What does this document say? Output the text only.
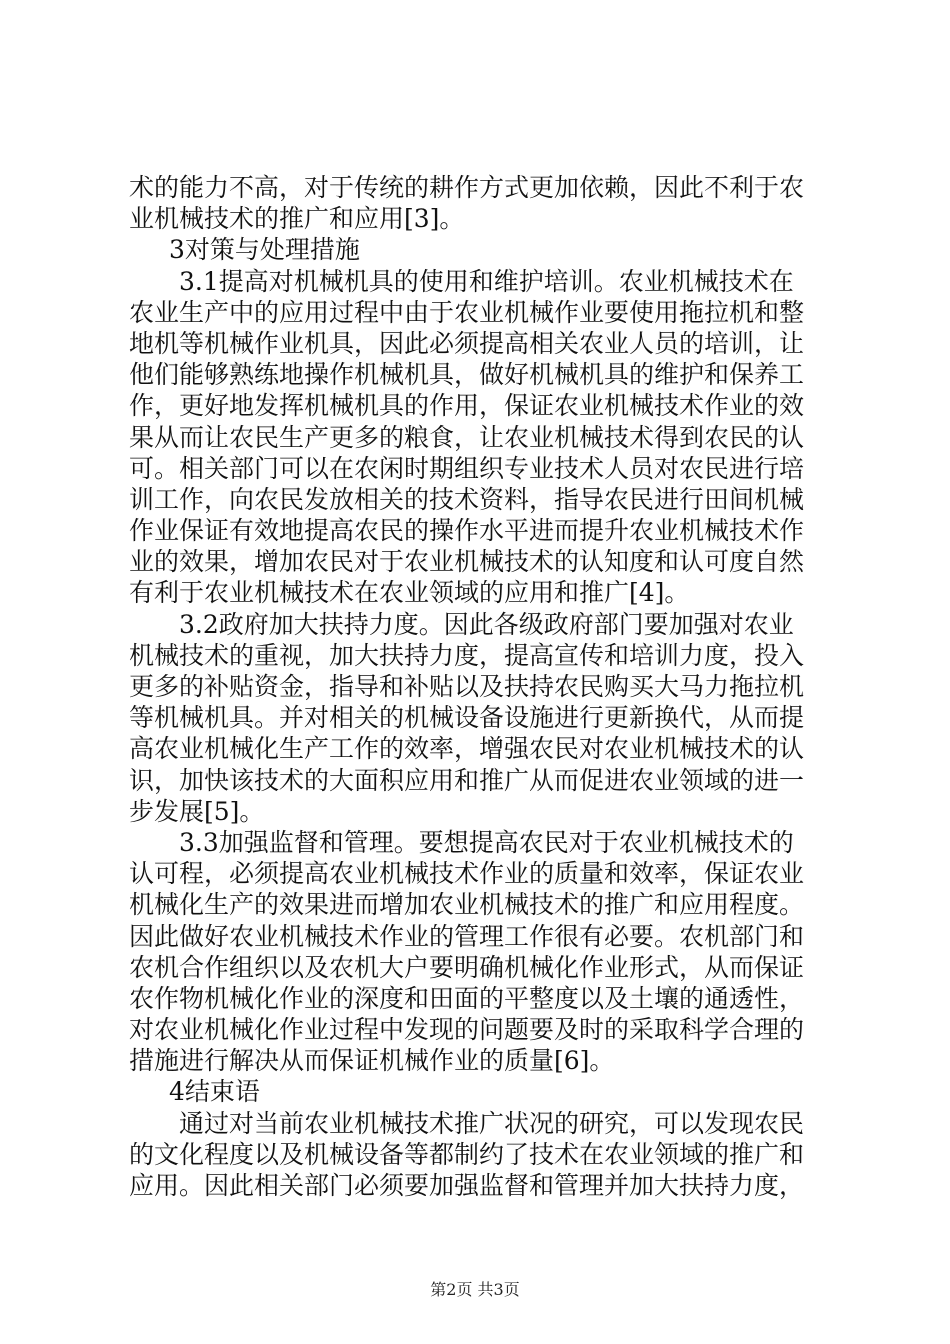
术的能力不高，对于传统的耕作方式更加依赖，因此不利于农
业机械技术的推广和应用[3]。
3对策与处理措施
3.1提高对机械机具的使用和维护培训。农业机械技术在
农业生产中的应用过程中由于农业机械作业要使用拖拉机和整
地机等机械作业机具，因此必须提高相关农业人员的培训，让
他们能够熟练地操作机械机具，做好机械机具的维护和保养工
作，更好地发挥机械机具的作用，保证农业机械技术作业的效
果从而让农民生产更多的粮食，让农业机械技术得到农民的认
可。相关部门可以在农闲时期组织专业技术人员对农民进行培
训工作，向农民发放相关的技术资料，指导农民进行田间机械
作业保证有效地提高农民的操作水平进而提升农业机械技术作
业的效果，增加农民对于农业机械技术的认知度和认可度自然
有利于农业机械技术在农业领域的应用和推广[4]。
3.2政府加大扶持力度。因此各级政府部门要加强对农业
机械技术的重视，加大扶持力度，提高宣传和培训力度，投入
更多的补贴资金，指导和补贴以及扶持农民购买大马力拖拉机
等机械机具。并对相关的机械设备设施进行更新换代，从而提
高农业机械化生产工作的效率，增强农民对农业机械技术的认
识，加快该技术的大面积应用和推广从而促进农业领域的进一
步发展[5]。
3.3加强监督和管理。要想提高农民对于农业机械技术的
认可程，必须提高农业机械技术作业的质量和效率，保证农业
机械化生产的效果进而增加农业机械技术的推广和应用程度。
因此做好农业机械技术作业的管理工作很有必要。农机部门和
农机合作组织以及农机大户要明确机械化作业形式，从而保证
农作物机械化作业的深度和田面的平整度以及土壤的通透性，
对农业机械化作业过程中发现的问题要及时的采取科学合理的
措施进行解决从而保证机械作业的质量[6]。
4结束语
通过对当前农业机械技术推广状况的研究，可以发现农民
的文化程度以及机械设备等都制约了技术在农业领域的推广和
应用。因此相关部门必须要加强监督和管理并加大扶持力度，
第2页 共3页
